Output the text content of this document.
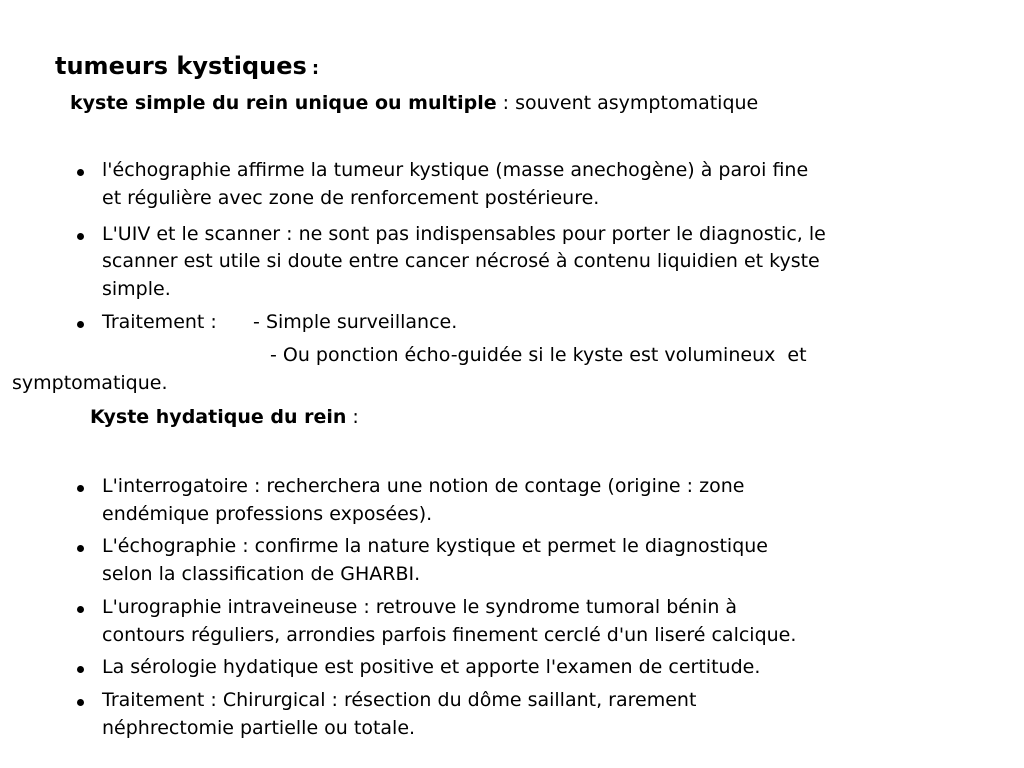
tumeurs kystiques :
kyste simple du rein unique ou multiple : souvent asymptomatique
l'échographie affirme la tumeur kystique (masse anechogène) à paroi fine
et régulière avec zone de renforcement postérieure.
L'UIV et le scanner : ne sont pas indispensables pour porter le diagnostic, le
scanner est utile si doute entre cancer nécrosé à contenu liquidien et kyste
simple.
Traitement :      - Simple surveillance.
- Ou ponction écho-guidée si le kyste est volumineux  et
symptomatique.
Kyste hydatique du rein :
L'interrogatoire : recherchera une notion de contage (origine : zone
endémique professions exposées).
L'échographie : confirme la nature kystique et permet le diagnostique
selon la classification de GHARBI.
L'urographie intraveineuse : retrouve le syndrome tumoral bénin à
contours réguliers, arrondies parfois finement cerclé d'un liseré calcique.
La sérologie hydatique est positive et apporte l'examen de certitude.
Traitement : Chirurgical : résection du dôme saillant, rarement
néphrectomie partielle ou totale.
